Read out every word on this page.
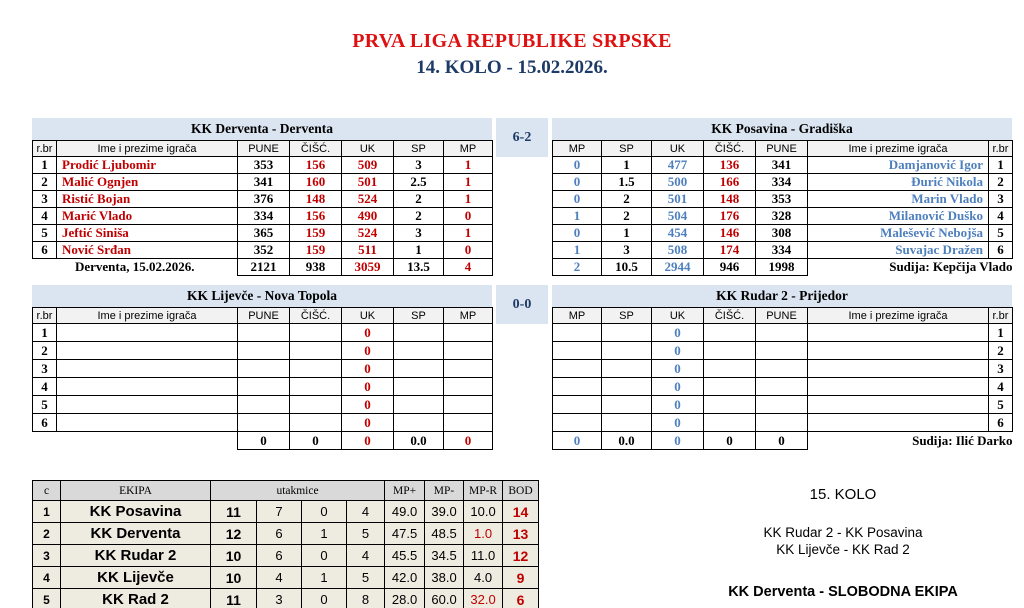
PRVA LIGA REPUBLIKE SRPSKE
14. KOLO - 15.02.2026.
KK Derventa - Derventa
r.br	Ime i prezime igrača	PUNE	ČIŠĆ.	UK	SP	MP
1	Prodić Ljubomir	353	156	509	3	1
2	Malić Ognjen	341	160	501	2.5	1
3	Ristić Bojan	376	148	524	2	1
4	Marić Vlado	334	156	490	2	0
5	Jeftić Siniša	365	159	524	3	1
6	Nović Srđan	352	159	511	1	0
Derventa, 15.02.2026.		2121	938	3059	13.5	4
6-2
KK Posavina - Gradiška
MP	SP	UK	ČIŠĆ.	PUNE	Ime i prezime igrača	r.br
0	1	477	136	341	Damjanović Igor	1
0	1.5	500	166	334	Đurić Nikola	2
0	2	501	148	353	Marin Vlado	3
1	2	504	176	328	Milanović Duško	4
0	1	454	146	308	Malešević Nebojša	5
1	3	508	174	334	Suvajac Dražen	6
2	10.5	2944	946	1998	Sudija: Kepčija Vlado	
KK Lijevče - Nova Topola
r.br	Ime i prezime igrača	PUNE	ČIŠĆ.	UK	SP	MP
1				0		
2				0		
3				0		
4				0		
5				0		
6				0		
		0	0	0	0.0	0
0-0
KK Rudar 2 - Prijedor
MP	SP	UK	ČIŠĆ.	PUNE	Ime i prezime igrača	r.br
		0				1
		0				2
		0				3
		0				4
		0				5
		0				6
0	0.0	0	0	0	Sudija: Ilić Darko	
c	EKIPA	utakmice				MP+	MP-	MP-R	BOD
1	KK Posavina	11	7	0	4	49.0	39.0	10.0	14
2	KK Derventa	12	6	1	5	47.5	48.5	1.0	13
3	KK Rudar 2	10	6	0	4	45.5	34.5	11.0	12
4	KK Lijevče	10	4	1	5	42.0	38.0	4.0	9
5	KK Rad 2	11	3	0	8	28.0	60.0	32.0	6
15. KOLO
KK Rudar 2 - KK Posavina
KK Lijevče - KK Rad 2
KK Derventa - SLOBODNA EKIPA
